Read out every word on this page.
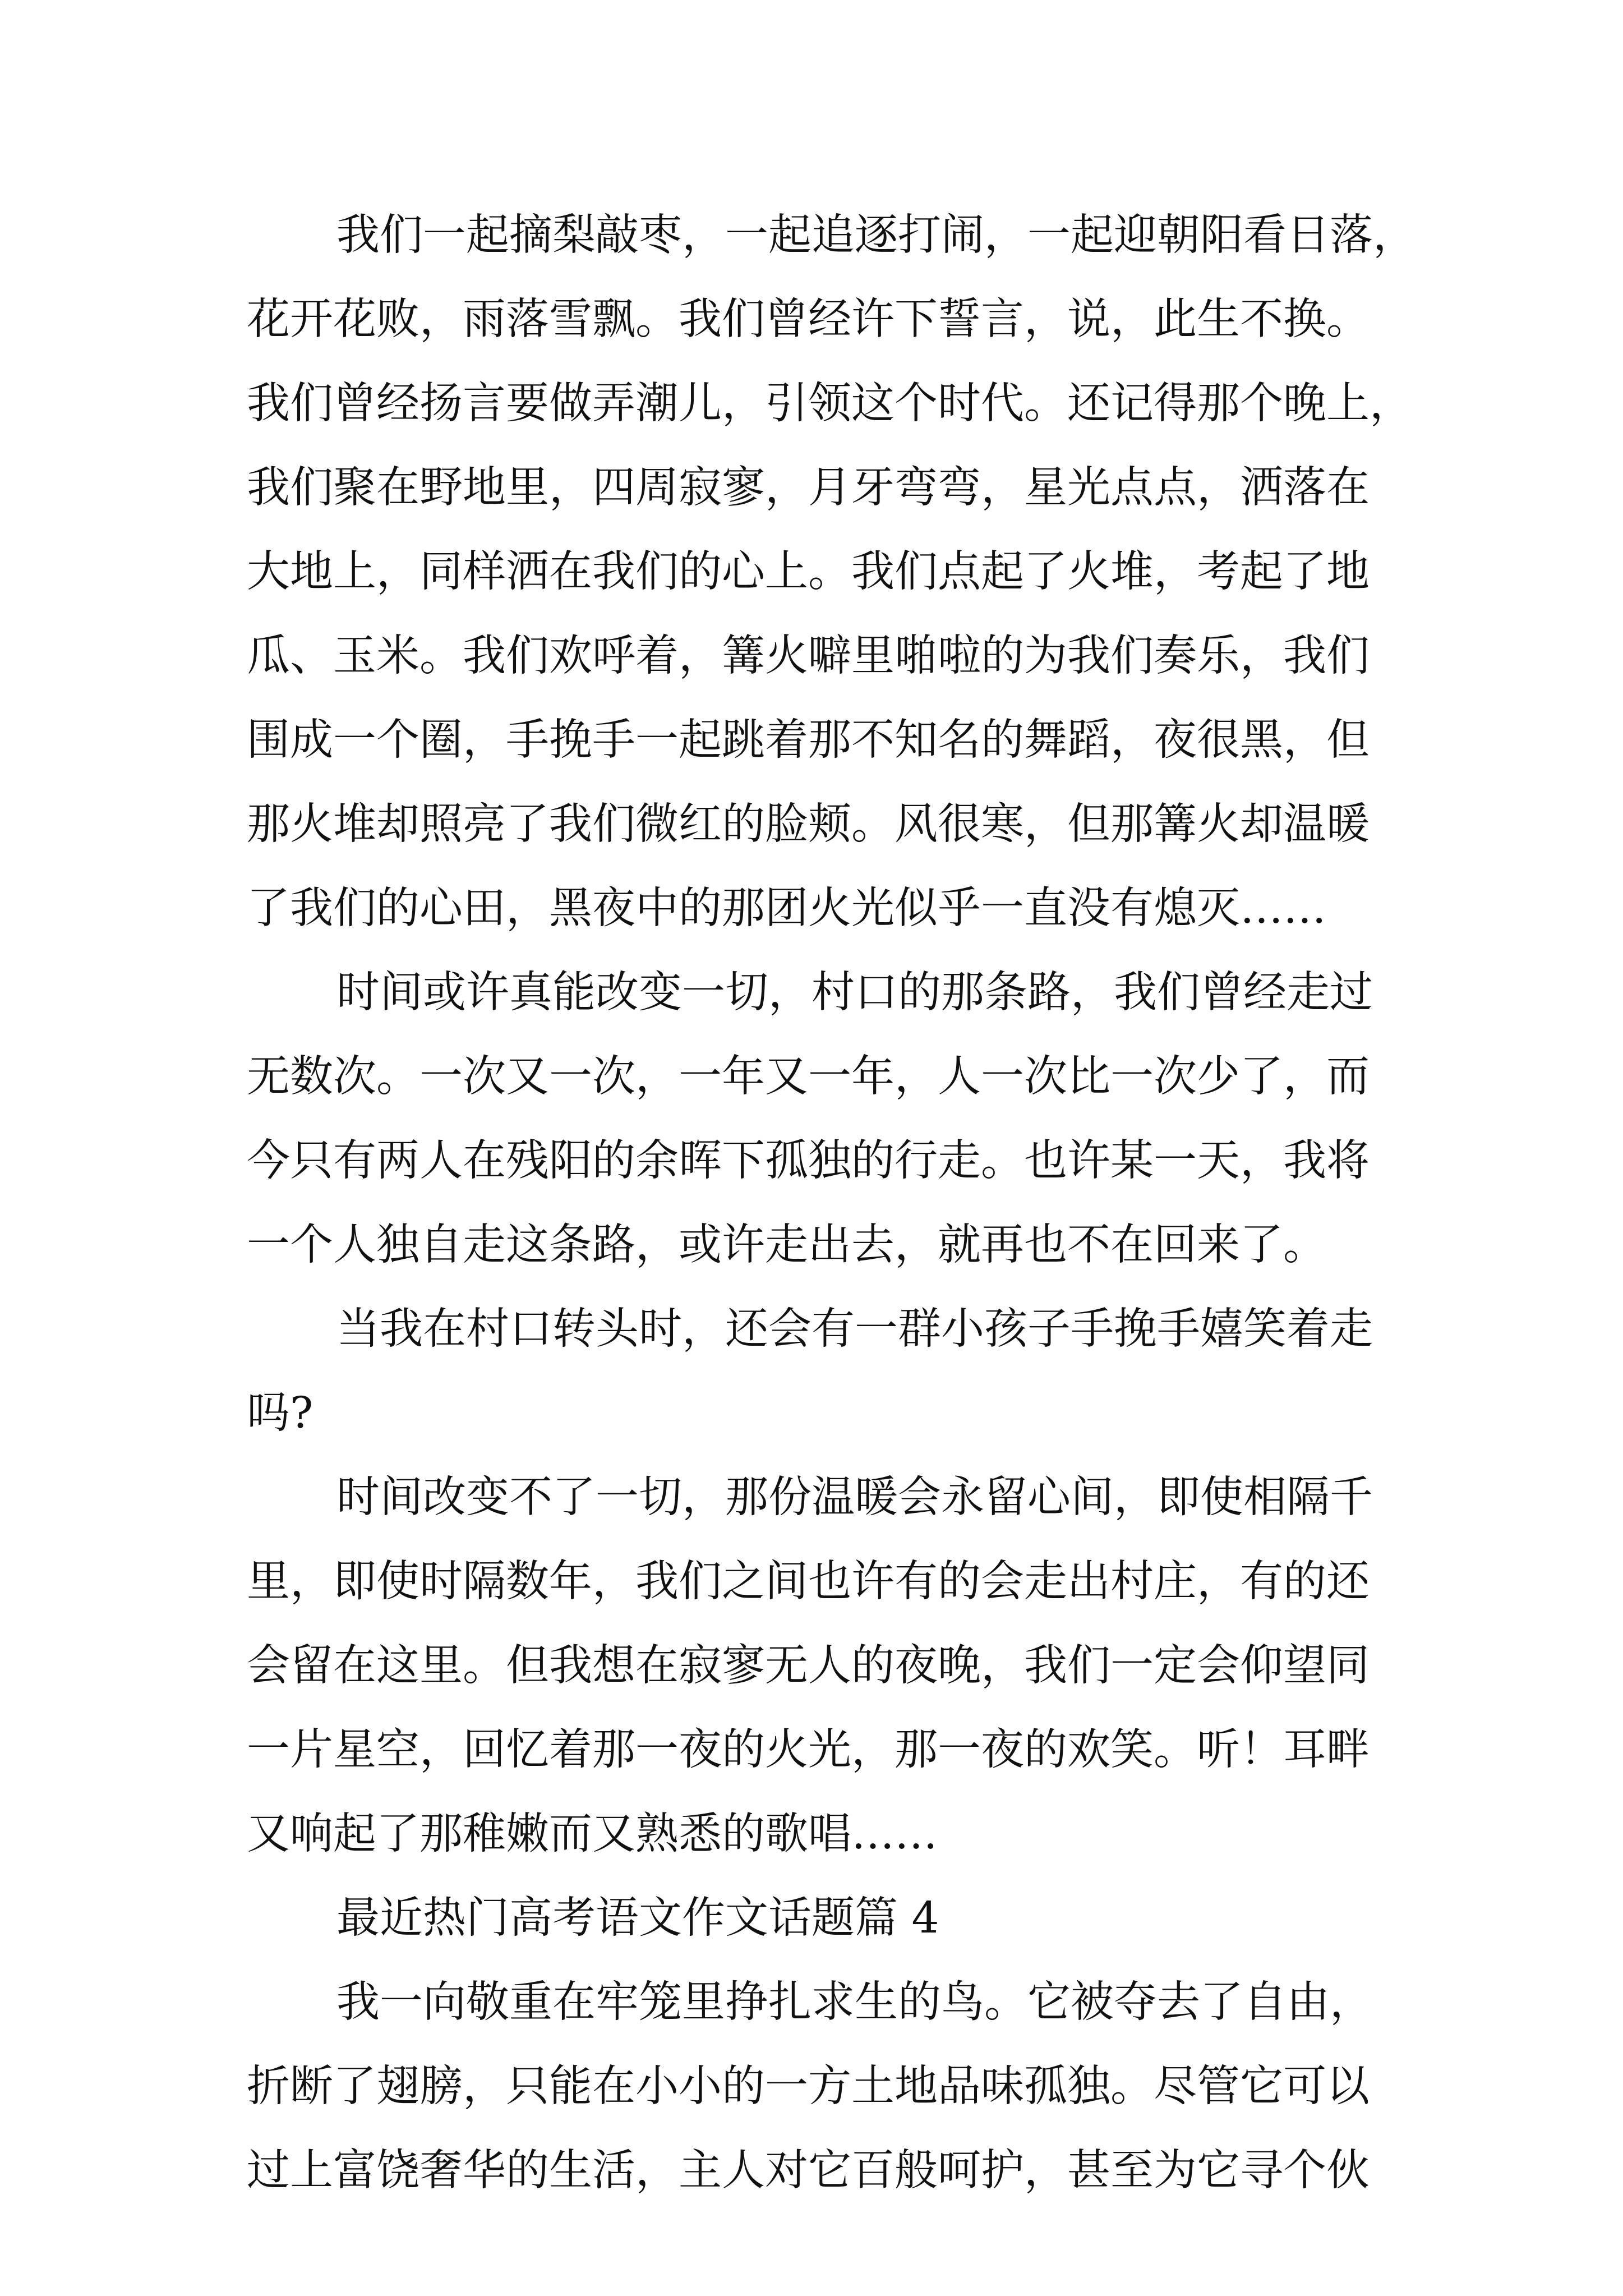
我们一起摘梨敲枣，一起追逐打闹，一起迎朝阳看日落，
花开花败，雨落雪飘。我们曾经许下誓言，说，此生不换。
我们曾经扬言要做弄潮儿，引领这个时代。还记得那个晚上，
我们聚在野地里，四周寂寥，月牙弯弯，星光点点，洒落在
大地上，同样洒在我们的心上。我们点起了火堆，考起了地
瓜、玉米。我们欢呼着，篝火噼里啪啦的为我们奏乐，我们
围成一个圈，手挽手一起跳着那不知名的舞蹈，夜很黑，但
那火堆却照亮了我们微红的脸颊。风很寒，但那篝火却温暖
了我们的心田，黑夜中的那团火光似乎一直没有熄灭……
时间或许真能改变一切，村口的那条路，我们曾经走过
无数次。一次又一次，一年又一年，人一次比一次少了，而
今只有两人在残阳的余晖下孤独的行走。也许某一天，我将
一个人独自走这条路，或许走出去，就再也不在回来了。
当我在村口转头时，还会有一群小孩子手挽手嬉笑着走
吗?
时间改变不了一切，那份温暖会永留心间，即使相隔千
里，即使时隔数年，我们之间也许有的会走出村庄，有的还
会留在这里。但我想在寂寥无人的夜晚，我们一定会仰望同
一片星空，回忆着那一夜的火光，那一夜的欢笑。听！耳畔
又响起了那稚嫩而又熟悉的歌唱……
最近热门高考语文作文话题篇 4
我一向敬重在牢笼里挣扎求生的鸟。它被夺去了自由，
折断了翅膀，只能在小小的一方土地品味孤独。尽管它可以
过上富饶奢华的生活，主人对它百般呵护，甚至为它寻个伙
